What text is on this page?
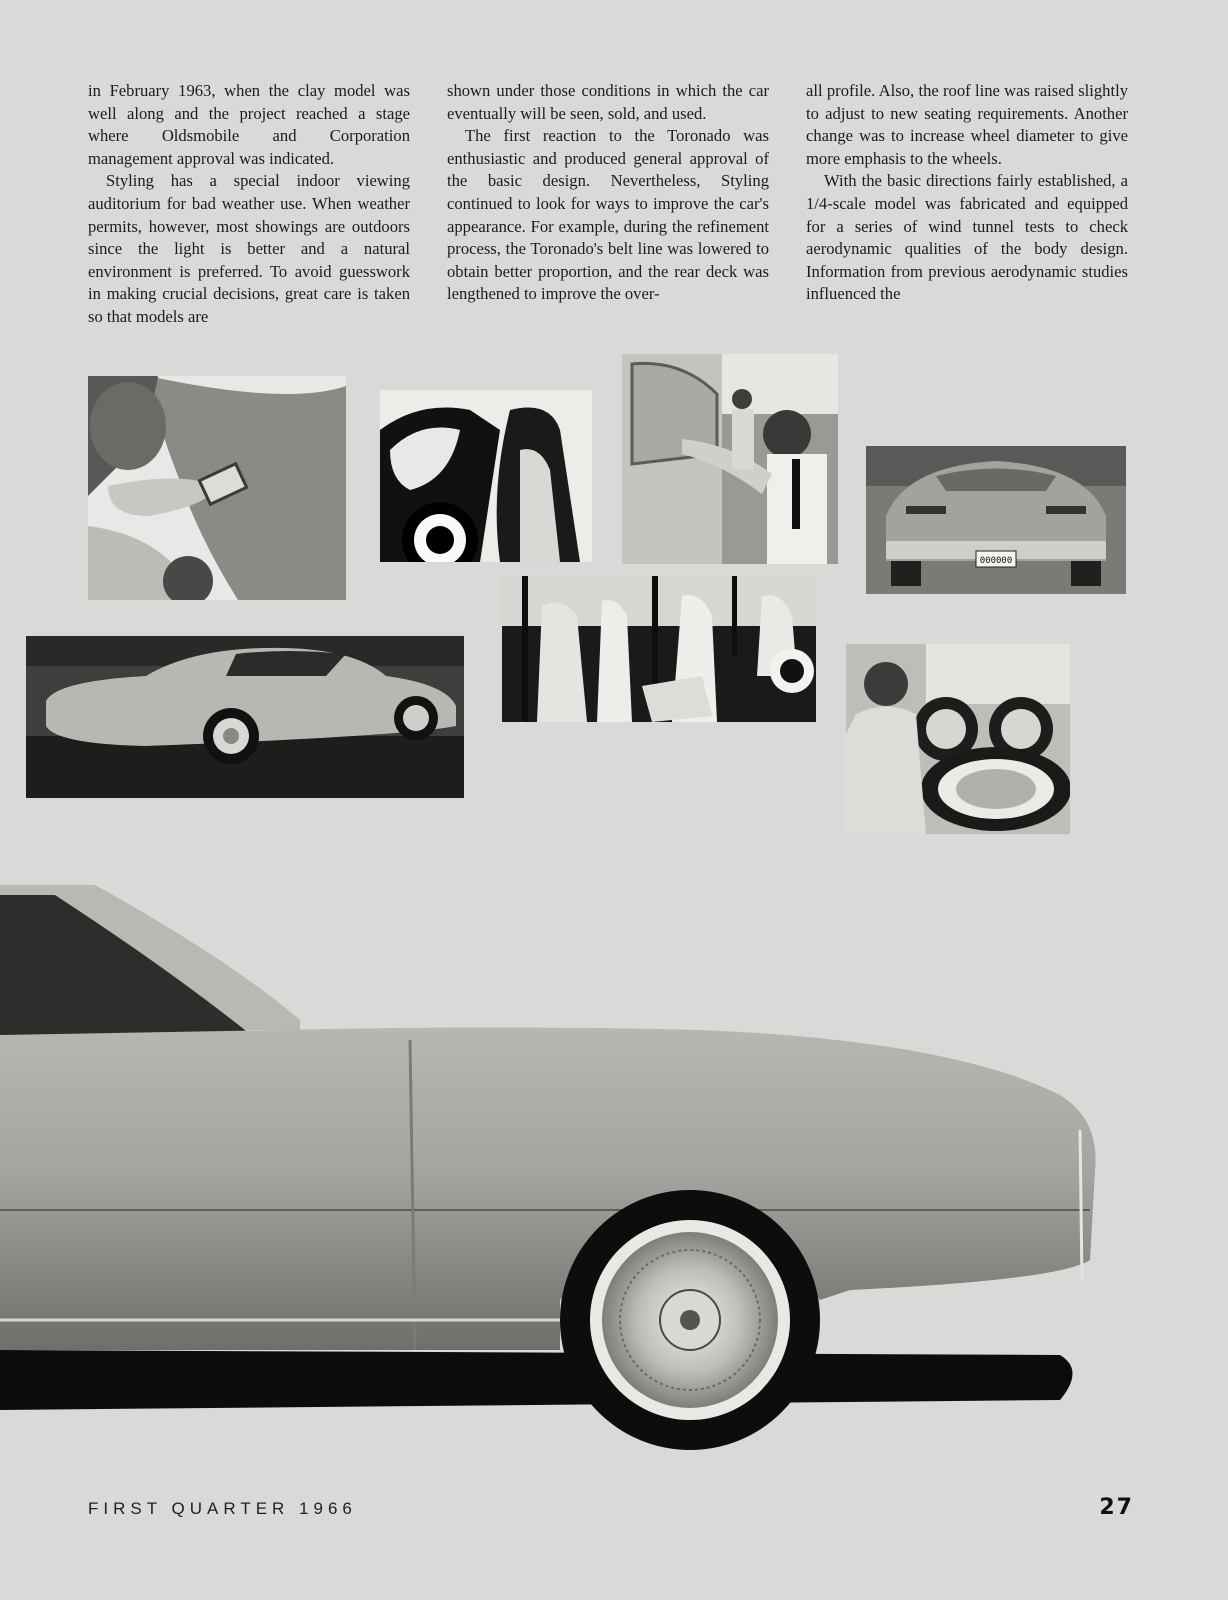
in February 1963, when the clay model was well along and the project reached a stage where Oldsmobile and Corporation management approval was indicated.

Styling has a special indoor viewing auditorium for bad weather use. When weather permits, however, most showings are outdoors since the light is better and a natural environment is preferred. To avoid guesswork in making crucial decisions, great care is taken so that models are

shown under those conditions in which the car eventually will be seen, sold, and used.

The first reaction to the Toronado was enthusiastic and produced general approval of the basic design. Nevertheless, Styling continued to look for ways to improve the car's appearance. For example, during the refinement process, the Toronado's belt line was lowered to obtain better proportion, and the rear deck was lengthened to improve the over-

all profile. Also, the roof line was raised slightly to adjust to new seating requirements. Another change was to increase wheel diameter to give more emphasis to the wheels.

With the basic directions fairly established, a 1/4-scale model was fabricated and equipped for a series of wind tunnel tests to check aerodynamic qualities of the body design. Information from previous aerodynamic studies influenced the

000000
FIRST QUARTER 1966	27
